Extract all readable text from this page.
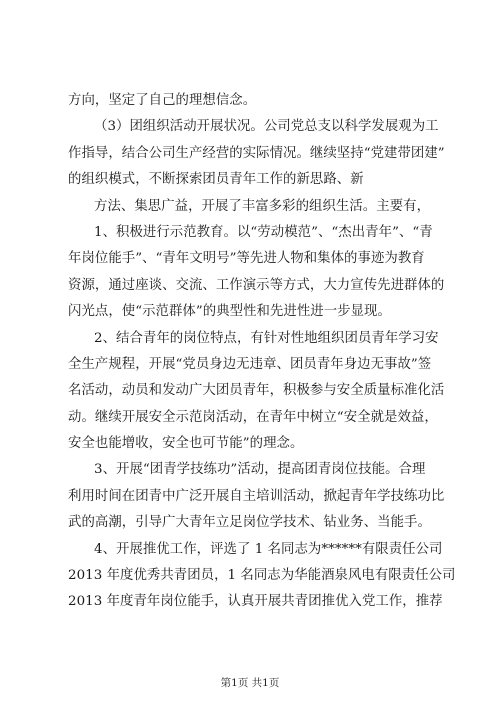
方向，坚定了自己的理想信念。
（3）团组织活动开展状况。公司党总支以科学发展观为工
作指导，结合公司生产经营的实际情况。继续坚持“党建带团建”
的组织模式，不断探索团员青年工作的新思路、新
方法、集思广益，开展了丰富多彩的组织生活。主要有，
1、积极进行示范教育。以“劳动模范”、“杰出青年”、“青
年岗位能手”、“青年文明号”等先进人物和集体的事迹为教育
资源，通过座谈、交流、工作演示等方式，大力宣传先进群体的
闪光点，使“示范群体”的典型性和先进性进一步显现。
2、结合青年的岗位特点，有针对性地组织团员青年学习安
全生产规程，开展“党员身边无违章、团员青年身边无事故”签
名活动，动员和发动广大团员青年，积极参与安全质量标准化活
动。继续开展安全示范岗活动，在青年中树立“安全就是效益，
安全也能增收，安全也可节能”的理念。
3、开展“团青学技练功”活动，提高团青岗位技能。合理
利用时间在团青中广泛开展自主培训活动，掀起青年学技练功比
武的高潮，引导广大青年立足岗位学技术、钻业务、当能手。
4、开展推优工作，评选了 1 名同志为******有限责任公司
2013 年度优秀共青团员，1 名同志为华能酒泉风电有限责任公司
2013 年度青年岗位能手，认真开展共青团推优入党工作，推荐
第1页 共1页
